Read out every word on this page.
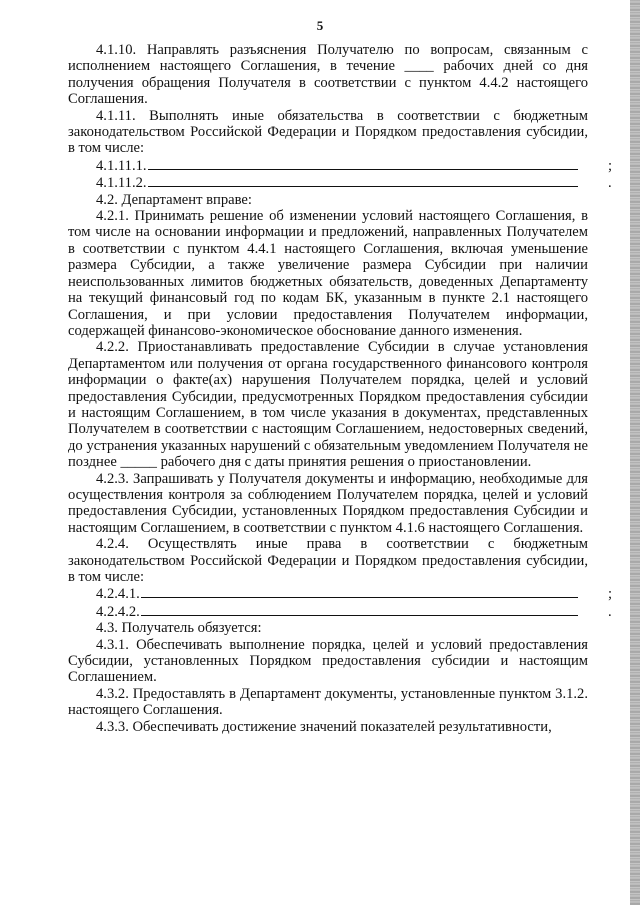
5

4.1.10. Направлять разъяснения Получателю по вопросам, связанным с исполнением настоящего Соглашения, в течение ____ рабочих дней со дня получения обращения Получателя в соответствии с пунктом 4.4.2 настоящего Соглашения.

4.1.11. Выполнять иные обязательства в соответствии с бюджетным законодательством Российской Федерации и Порядком предоставления субсидии, в том числе:

4.1.11.1.	;

4.1.11.2.	.

4.2. Департамент вправе:

4.2.1. Принимать решение об изменении условий настоящего Соглашения, в том числе на основании информации и предложений, направленных Получателем в соответствии с пунктом 4.4.1 настоящего Соглашения, включая уменьшение размера Субсидии, а также увеличение размера Субсидии при наличии неиспользованных лимитов бюджетных обязательств, доведенных Департаменту на текущий финансовый год по кодам БК, указанным в пункте 2.1 настоящего Соглашения, и при условии предоставления Получателем информации, содержащей финансово-экономическое обоснование данного изменения.

4.2.2. Приостанавливать предоставление Субсидии в случае установления Департаментом или получения от органа государственного финансового контроля информации о факте(ах) нарушения Получателем порядка, целей и условий предоставления Субсидии, предусмотренных Порядком предоставления субсидии и настоящим Соглашением, в том числе указания в документах, представленных Получателем в соответствии с настоящим Соглашением, недостоверных сведений, до устранения указанных нарушений с обязательным уведомлением Получателя не позднее _____ рабочего дня с даты принятия решения о приостановлении.

4.2.3. Запрашивать у Получателя документы и информацию, необходимые для осуществления контроля за соблюдением Получателем порядка, целей и условий предоставления Субсидии, установленных Порядком предоставления Субсидии и настоящим Соглашением, в соответствии с пунктом 4.1.6 настоящего Соглашения.

4.2.4. Осуществлять иные права в соответствии с бюджетным законодательством Российской Федерации и Порядком предоставления субсидии, в том числе:

4.2.4.1.	;

4.2.4.2.	.

4.3. Получатель обязуется:

4.3.1. Обеспечивать выполнение порядка, целей и условий предоставления Субсидии, установленных Порядком предоставления субсидии и настоящим Соглашением.

4.3.2. Предоставлять в Департамент документы, установленные пунктом 3.1.2. настоящего Соглашения.

4.3.3. Обеспечивать достижение значений показателей результативности,
